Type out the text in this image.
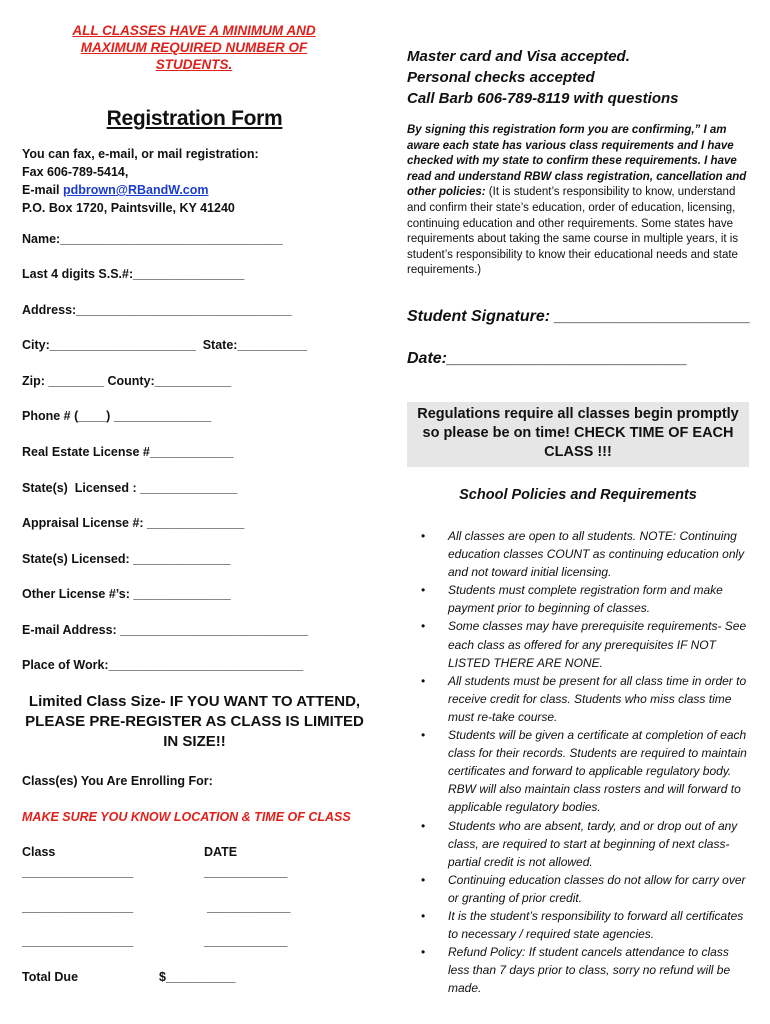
ALL CLASSES HAVE A MINIMUM AND MAXIMUM REQUIRED NUMBER OF STUDENTS.
Registration Form
You can fax, e-mail, or mail registration:
Fax 606-789-5414,
E-mail pdbrown@RBandW.com
P.O. Box 1720, Paintsville, KY 41240
Name:________________________________
Last 4 digits S.S.#:________________
Address:_______________________________
City:_____________________  State:__________
Zip: ________ County:___________
Phone # (____) ______________
Real Estate License #____________
State(s)  Licensed : ______________
Appraisal License #: ______________
State(s) Licensed: ______________
Other License #’s: ______________
E-mail Address: ___________________________
Place of Work:____________________________
Limited Class Size- IF YOU WANT TO ATTEND, PLEASE PRE-REGISTER AS CLASS IS LIMITED IN SIZE!!
Class(es) You Are Enrolling For:
MAKE SURE YOU KNOW LOCATION & TIME OF CLASS
Class	DATE
________________	____________
________________	____________
________________	____________
Total Due	$__________
Master card and Visa accepted.
Personal checks accepted
Call Barb 606-789-8119 with questions
By signing this registration form you are confirming,” I am aware each state has various class requirements and I have checked with my state to confirm these requirements. I have read and understand RBW class registration, cancellation and other policies: (It is student’s responsibility to know, understand and confirm their state’s education, order of education, licensing, continuing education and other requirements. Some states have requirements about taking the same course in multiple years, it is student’s responsibility to know their educational needs and state requirements.)
Student Signature: ______________________
Date:___________________________
Regulations require all classes begin promptly so please be on time! CHECK TIME OF EACH CLASS !!!
School Policies and Requirements
• All classes are open to all students. NOTE: Continuing education classes COUNT as continuing education only and not toward initial licensing.
• Students must complete registration form and make payment prior to beginning of classes.
• Some classes may have prerequisite requirements- See each class as offered for any prerequisites IF NOT LISTED THERE ARE NONE.
• All students must be present for all class time in order to receive credit for class. Students who miss class time must re-take course.
• Students will be given a certificate at completion of each class for their records. Students are required to maintain certificates and forward to applicable regulatory body. RBW will also maintain class rosters and will forward to applicable regulatory bodies.
• Students who are absent, tardy, and or drop out of any class, are required to start at beginning of next class- partial credit is not allowed.
• Continuing education classes do not allow for carry over or granting of prior credit.
• It is the student’s responsibility to forward all certificates to necessary / required state agencies.
• Refund Policy: If student cancels attendance to class less than 7 days prior to class, sorry no refund will be made.
